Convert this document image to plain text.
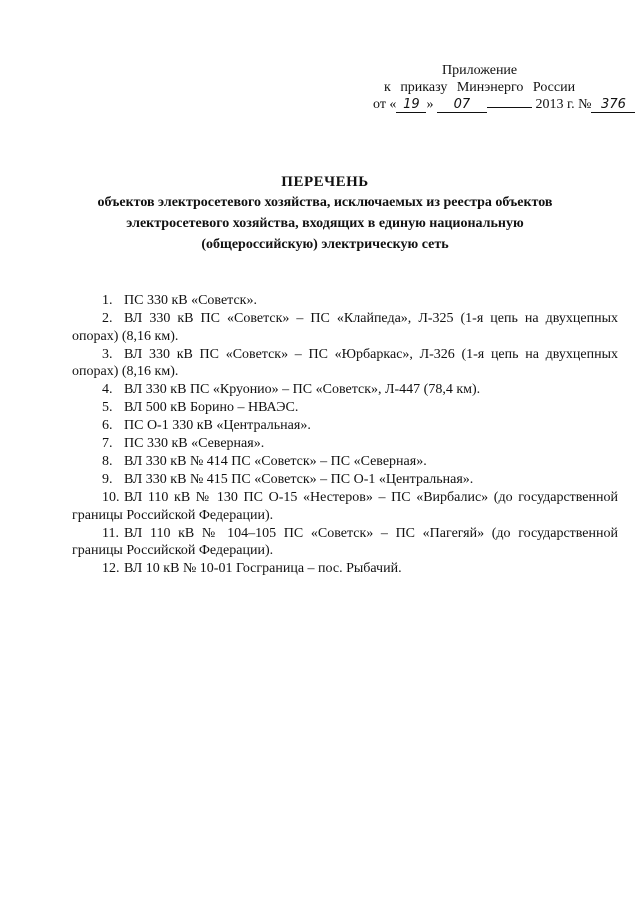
Приложение
к приказу Минэнерго России
от « 19 » 07	2013 г. № 376
ПЕРЕЧЕНЬ
объектов электросетевого хозяйства, исключаемых из реестра объектов
электросетевого хозяйства, входящих в единую национальную
(общероссийскую) электрическую сеть
1. ПС 330 кВ «Советск».
2. ВЛ 330 кВ ПС «Советск» – ПС «Клайпеда», Л-325 (1-я цепь на двухцепных опорах) (8,16 км).
3. ВЛ 330 кВ ПС «Советск» – ПС «Юрбаркас», Л-326 (1-я цепь на двухцепных опорах) (8,16 км).
4. ВЛ 330 кВ ПС «Круонио» – ПС «Советск», Л-447 (78,4 км).
5. ВЛ 500 кВ Борино – НВАЭС.
6. ПС О-1 330 кВ «Центральная».
7. ПС 330 кВ «Северная».
8. ВЛ 330 кВ № 414 ПС «Советск» – ПС «Северная».
9. ВЛ 330 кВ № 415 ПС «Советск» – ПС О-1 «Центральная».
10. ВЛ 110 кВ № 130 ПС О-15 «Нестеров» – ПС «Вирбалис» (до государственной границы Российской Федерации).
11. ВЛ 110 кВ № 104–105 ПС «Советск» – ПС «Пагегяй» (до государственной границы Российской Федерации).
12. ВЛ 10 кВ № 10-01 Госграница – пос. Рыбачий.
